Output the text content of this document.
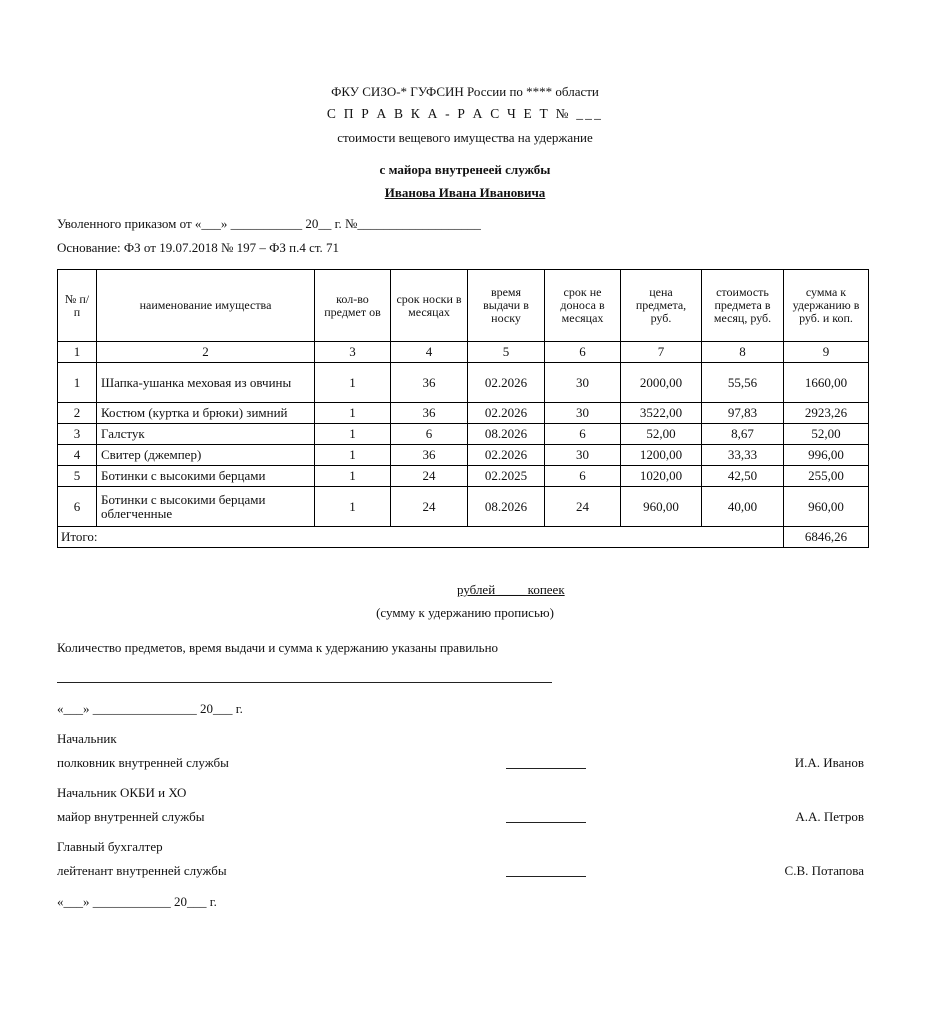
ФКУ СИЗО-* ГУФСИН России по **** области
С П Р А В К А - Р А С Ч Е Т № ___
стоимости вещевого имущества на удержание
с майора внутренеей службы
Иванова Ивана Ивановича
Уволенного приказом от «___» ___________ 20__ г. №___________________
Основание: ФЗ от 19.07.2018 № 197 – ФЗ п.4 ст. 71
№ п/ п	наименование имущества	кол-во предмет ов	срок носки в месяцах	время выдачи в носку	срок не доноса в месяцах	цена предмета, руб.	стоимость предмета в месяц, руб.	сумма к удержанию в руб. и коп.
1	2	3	4	5	6	7	8	9
1	Шапка-ушанка меховая из овчины	1	36	02.2026	30	2000,00	55,56	1660,00
2	Костюм (куртка и брюки) зимний	1	36	02.2026	30	3522,00	97,83	2923,26
3	Галстук	1	6	08.2026	6	52,00	8,67	52,00
4	Свитер (джемпер)	1	36	02.2026	30	1200,00	33,33	996,00
5	Ботинки с высокими берцами	1	24	02.2025	6	1020,00	42,50	255,00
6	Ботинки с высокими берцами облегченные	1	24	08.2026	24	960,00	40,00	960,00
Итого:								6846,26
рублей ____ копеек
(сумму к удержанию прописью)
Количество предметов, время выдачи и сумма к удержанию указаны правильно
«___» ________________ 20___ г.
Начальник
полковник внутренней службы	И.А. Иванов
Начальник ОКБИ и ХО
майор внутренней службы	А.А. Петров
Главный бухгалтер
лейтенант внутренней службы	С.В. Потапова
«___» ____________ 20___ г.
